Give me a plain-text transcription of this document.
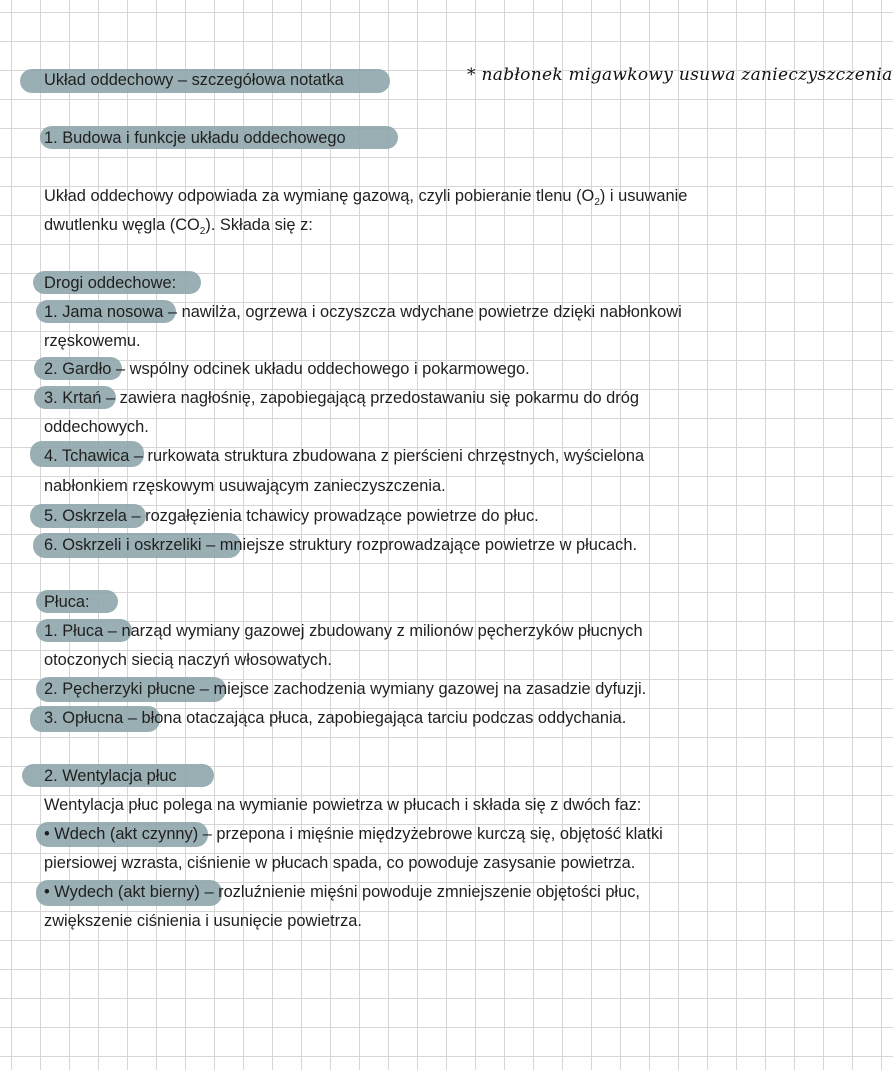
Układ oddechowy – szczegółowa notatka	* nabłonek migawkowy usuwa zanieczyszczenia
1. Budowa i funkcje układu oddechowego
Układ oddechowy odpowiada za wymianę gazową, czyli pobieranie tlenu $(O_2)$ i usuwanie
dwutlenku węgla $(CO_2)$. Składa się z:
Drogi oddechowe:
1. Jama nosowa – nawilża, ogrzewa i oczyszcza wdychane powietrze dzięki nabłonkowi
rzęskowemu.
2. Gardło – wspólny odcinek układu oddechowego i pokarmowego.
3. Krtań – zawiera nagłośnię, zapobiegającą przedostawaniu się pokarmu do dróg
oddechowych.
4. Tchawica – rurkowata struktura zbudowana z pierścieni chrzęstnych, wyścielona
nabłonkiem rzęskowym usuwającym zanieczyszczenia.
5. Oskrzela – rozgałęzienia tchawicy prowadzące powietrze do płuc.
6. Oskrzeli i oskrzeliki – mniejsze struktury rozprowadzające powietrze w płucach.
Płuca:
1. Płuca – narząd wymiany gazowej zbudowany z milionów pęcherzyków płucnych
otoczonych siecią naczyń włosowatych.
2. Pęcherzyki płucne – miejsce zachodzenia wymiany gazowej na zasadzie dyfuzji.
3. Opłucna – błona otaczająca płuca, zapobiegająca tarciu podczas oddychania.
2. Wentylacja płuc
Wentylacja płuc polega na wymianie powietrza w płucach i składa się z dwóch faz:
• Wdech (akt czynny) – przepona i mięśnie międzyżebrowe kurczą się, objętość klatki
piersiowej wzrasta, ciśnienie w płucach spada, co powoduje zasysanie powietrza.
• Wydech (akt bierny) – rozluźnienie mięśni powoduje zmniejszenie objętości płuc,
zwiększenie ciśnienia i usunięcie powietrza.
